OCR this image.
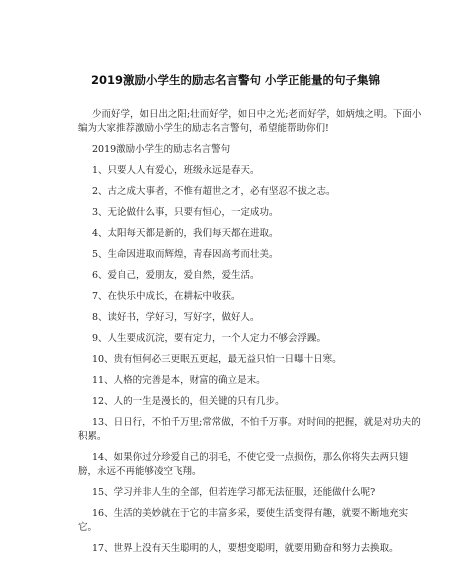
2019激励小学生的励志名言警句 小学正能量的句子集锦

少而好学，如日出之阳;壮而好学，如日中之光;老而好学，如炳烛之明。下面小编为大家推荐激励小学生的励志名言警句，希望能帮助你们!

2019激励小学生的励志名言警句

1、只要人人有爱心，班级永远是春天。

2、古之成大事者，不惟有超世之才，必有坚忍不拔之志。

3、无论做什么事，只要有恒心，一定成功。

4、太阳每天都是新的，我们每天都在进取。

5、生命因进取而辉煌，青春因高考而壮美。

6、爱自己，爱朋友，爱自然，爱生活。

7、在快乐中成长，在耕耘中收获。

8、读好书，学好习，写好字，做好人。

9、人生要成沉浣，要有定力，一个人定力不够会浮躁。

10、贵有恒何必三更眠五更起，最无益只怕一日曝十日寒。

11、人格的完善是本，财富的确立是末。

12、人的一生是漫长的，但关键的只有几步。

13、日日行，不怕千万里;常常做，不怕千万事。对时间的把握，就是对功夫的积累。

14、如果你过分珍爱自己的羽毛，不使它受一点损伤，那么你将失去两只翅膀，永远不再能够凌空飞翔。

15、学习并非人生的全部，但若连学习都无法征服，还能做什么呢?

16、生活的美妙就在于它的丰富多采，要使生活变得有趣，就要不断地充实它。

17、世界上没有天生聪明的人，要想变聪明，就要用勤奋和努力去换取。
